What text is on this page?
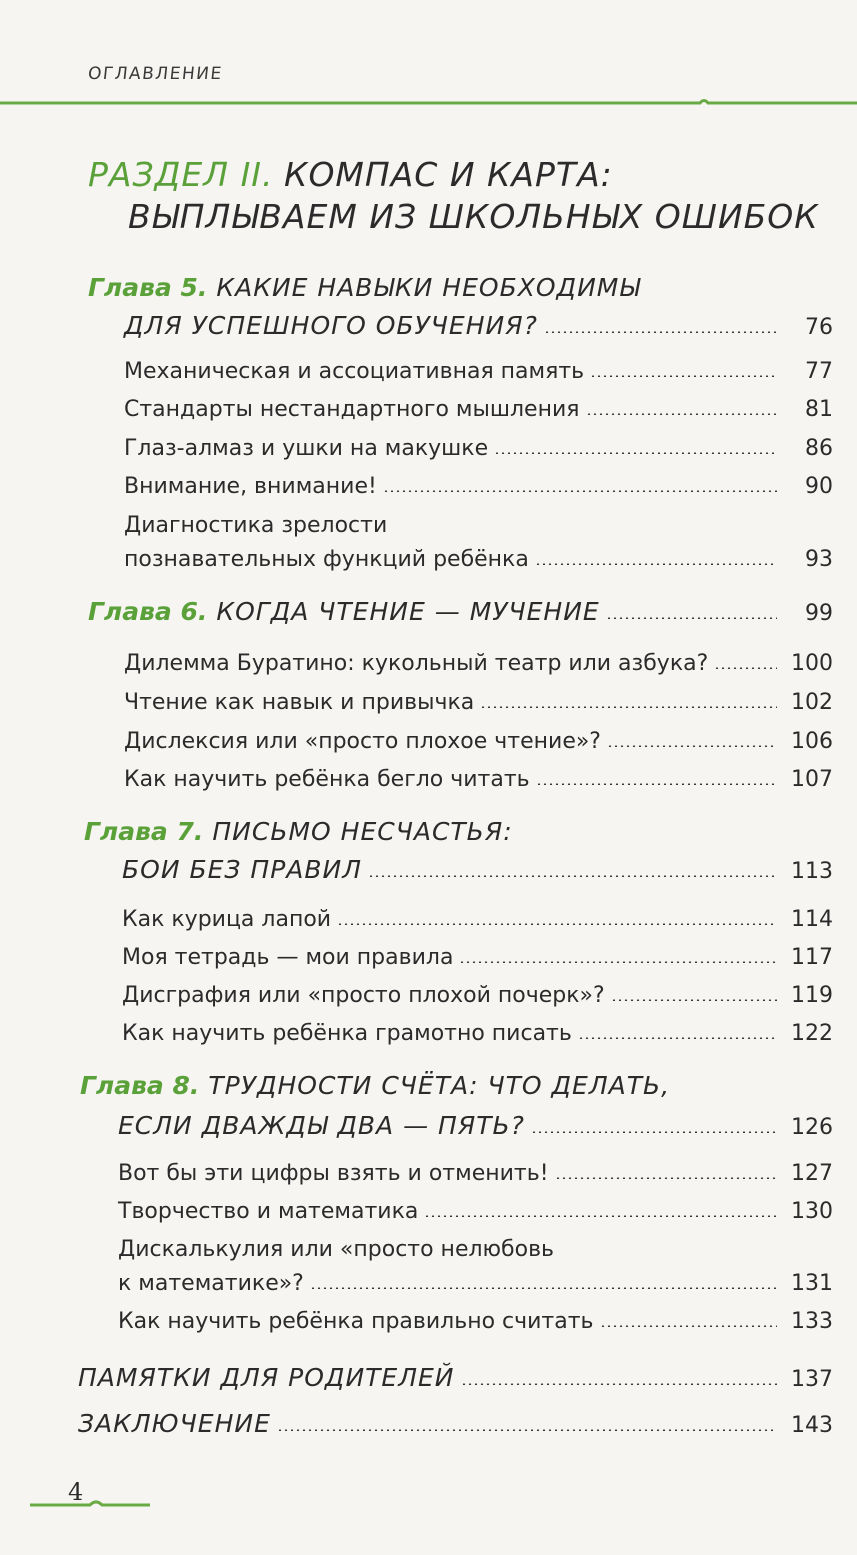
ОГЛАВЛЕНИЕ
РАЗДЕЛ II. КОМПАС И КАРТА:
ВЫПЛЫВАЕМ ИЗ ШКОЛЬНЫХ ОШИБОК
Глава 5. КАКИЕ НАВЫКИ НЕОБХОДИМЫ
ДЛЯ УСПЕШНОГО ОБУЧЕНИЯ?	76
Механическая и ассоциативная память	77
Стандарты нестандартного мышления	81
Глаз-алмаз и ушки на макушке	86
Внимание, внимание!	90
Диагностика зрелости
познавательных функций ребёнка	93
Глава 6. КОГДА ЧТЕНИЕ — МУЧЕНИЕ	99
Дилемма Буратино: кукольный театр или азбука?	100
Чтение как навык и привычка	102
Дислексия или «просто плохое чтение»?	106
Как научить ребёнка бегло читать	107
Глава 7. ПИСЬМО НЕСЧАСТЬЯ:
БОИ БЕЗ ПРАВИЛ	113
Как курица лапой	114
Моя тетрадь — мои правила	117
Дисграфия или «просто плохой почерк»?	119
Как научить ребёнка грамотно писать	122
Глава 8. ТРУДНОСТИ СЧЁТА: ЧТО ДЕЛАТЬ,
ЕСЛИ ДВАЖДЫ ДВА — ПЯТЬ?	126
Вот бы эти цифры взять и отменить!	127
Творчество и математика	130
Дискалькулия или «просто нелюбовь
к математике»?	131
Как научить ребёнка правильно считать	133
ПАМЯТКИ ДЛЯ РОДИТЕЛЕЙ	137
ЗАКЛЮЧЕНИЕ	143
4
